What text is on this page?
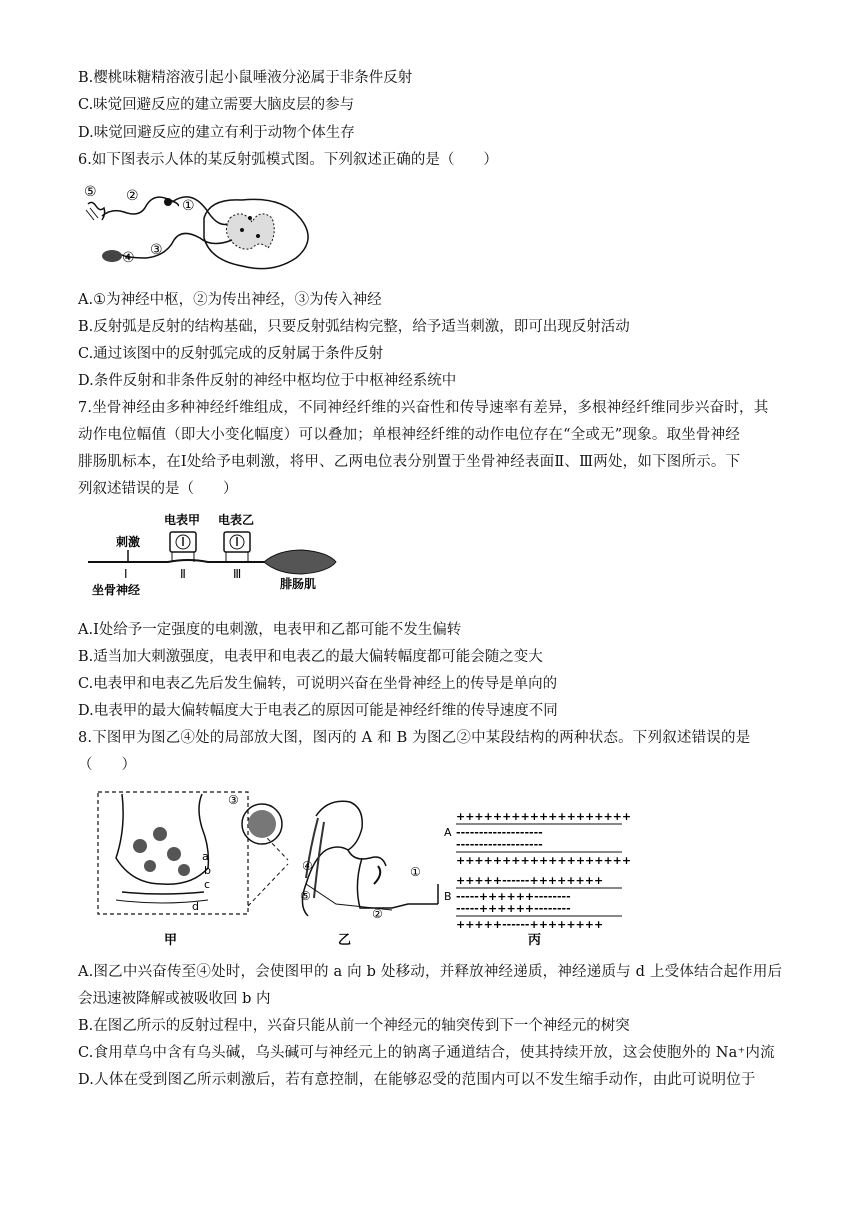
B.樱桃味糖精溶液引起小鼠唾液分泌属于非条件反射
C.味觉回避反应的建立需要大脑皮层的参与
D.味觉回避反应的建立有利于动物个体生存
6.如下图表示人体的某反射弧模式图。下列叙述正确的是（　　）
⑤ ②
①
③
④
A.①为神经中枢，②为传出神经，③为传入神经
B.反射弧是反射的结构基础，只要反射弧结构完整，给予适当刺激，即可出现反射活动
C.通过该图中的反射弧完成的反射属于条件反射
D.条件反射和非条件反射的神经中枢均位于中枢神经系统中
7.坐骨神经由多种神经纤维组成，不同神经纤维的兴奋性和传导速率有差异，多根神经纤维同步兴奋时，其
动作电位幅值（即大小变化幅度）可以叠加；单根神经纤维的动作电位存在“全或无”现象。取坐骨神经
腓肠肌标本，在Ⅰ处给予电刺激，将甲、乙两电位表分别置于坐骨神经表面Ⅱ、Ⅲ两处，如下图所示。下
列叙述错误的是（　　）
电表甲 电表乙
刺激
Ⅰ	Ⅱ	Ⅲ
坐骨神经	腓肠肌
A.Ⅰ处给予一定强度的电刺激，电表甲和乙都可能不发生偏转
B.适当加大刺激强度，电表甲和电表乙的最大偏转幅度都可能会随之变大
C.电表甲和电表乙先后发生偏转，可说明兴奋在坐骨神经上的传导是单向的
D.电表甲的最大偏转幅度大于电表乙的原因可能是神经纤维的传导速度不同
8.下图甲为图乙④处的局部放大图，图丙的 A 和 B 为图乙②中某段结构的两种状态。下列叙述错误的是
（　　）
a
b
c
d
③
④
⑤
①
②
A
B
+++++++++++++++++++
-------------------
-------------------
+++++++++++++++++++
+++++------++++++++
-----++++++--------
-----++++++--------
+++++------++++++++
甲	乙	丙
A.图乙中兴奋传至④处时，会使图甲的 a 向 b 处移动，并释放神经递质，神经递质与 d 上受体结合起作用后
会迅速被降解或被吸收回 b 内
B.在图乙所示的反射过程中，兴奋只能从前一个神经元的轴突传到下一个神经元的树突
C.食用草乌中含有乌头碱，乌头碱可与神经元上的钠离子通道结合，使其持续开放，这会使胞外的 Na⁺内流
D.人体在受到图乙所示刺激后，若有意控制，在能够忍受的范围内可以不发生缩手动作，由此可说明位于
